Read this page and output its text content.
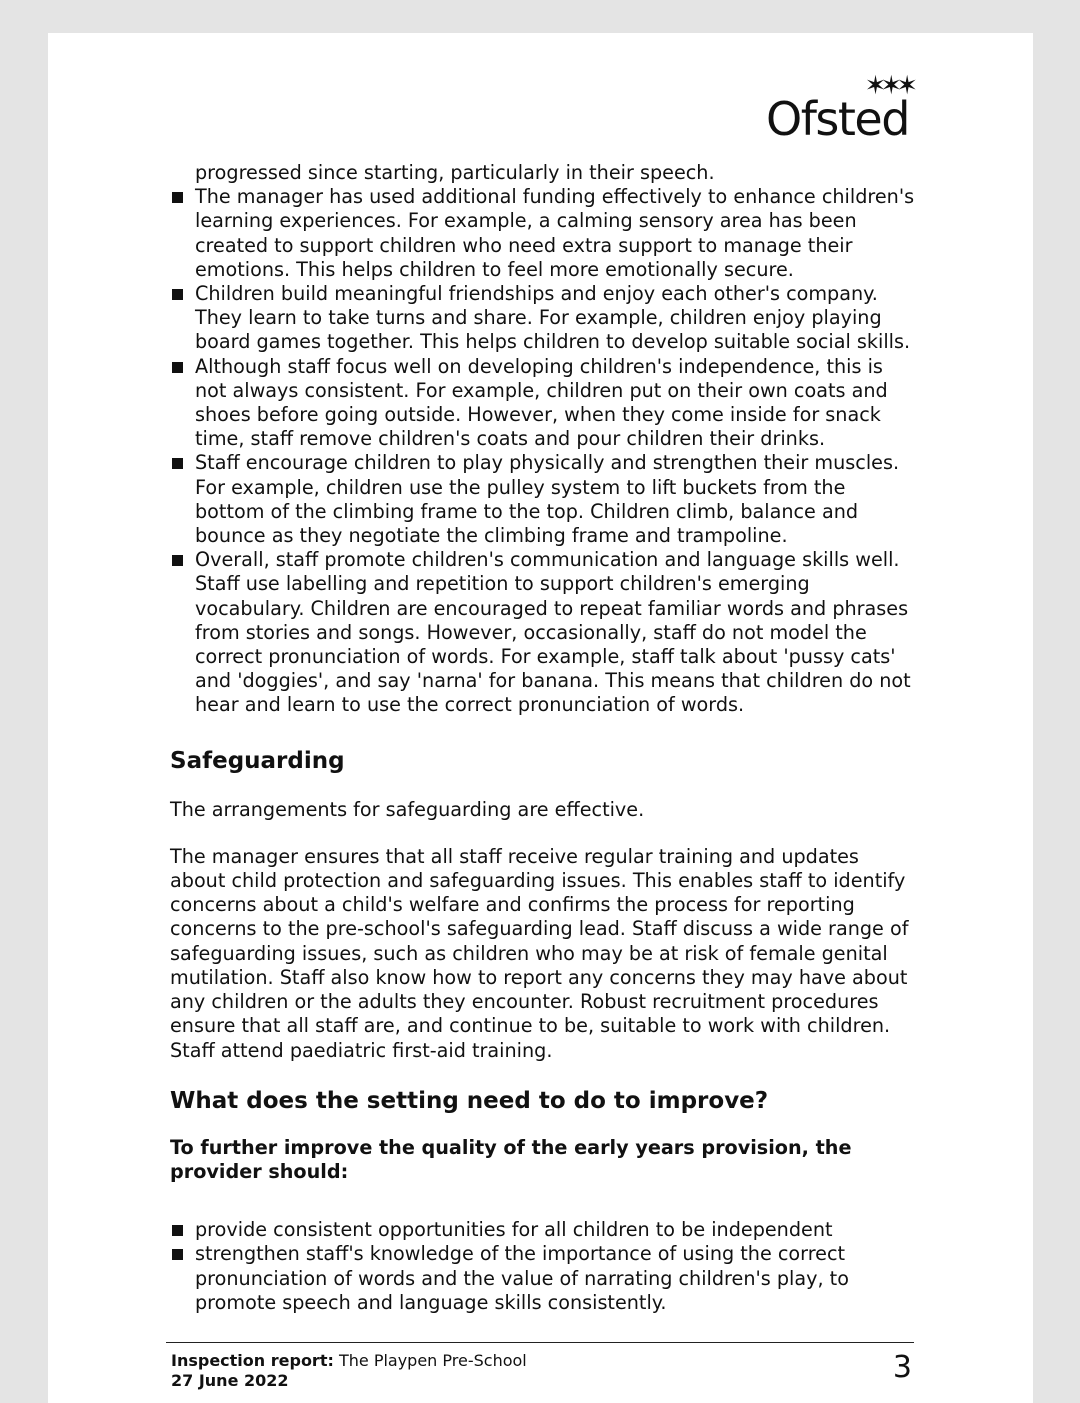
✶✶✶
Ofsted
progressed since starting, particularly in their speech.
The manager has used additional funding effectively to enhance children's learning experiences. For example, a calming sensory area has been created to support children who need extra support to manage their emotions. This helps children to feel more emotionally secure.
Children build meaningful friendships and enjoy each other's company. They learn to take turns and share. For example, children enjoy playing board games together. This helps children to develop suitable social skills.
Although staff focus well on developing children's independence, this is not always consistent. For example, children put on their own coats and shoes before going outside. However, when they come inside for snack time, staff remove children's coats and pour children their drinks.
Staff encourage children to play physically and strengthen their muscles. For example, children use the pulley system to lift buckets from the bottom of the climbing frame to the top. Children climb, balance and bounce as they negotiate the climbing frame and trampoline.
Overall, staff promote children's communication and language skills well. Staff use labelling and repetition to support children's emerging vocabulary. Children are encouraged to repeat familiar words and phrases from stories and songs. However, occasionally, staff do not model the correct pronunciation of words. For example, staff talk about 'pussy cats' and 'doggies', and say 'narna' for banana. This means that children do not hear and learn to use the correct pronunciation of words.
Safeguarding

The arrangements for safeguarding are effective.

The manager ensures that all staff receive regular training and updates about child protection and safeguarding issues. This enables staff to identify concerns about a child's welfare and confirms the process for reporting concerns to the pre-school's safeguarding lead. Staff discuss a wide range of safeguarding issues, such as children who may be at risk of female genital mutilation. Staff also know how to report any concerns they may have about any children or the adults they encounter. Robust recruitment procedures ensure that all staff are, and continue to be, suitable to work with children. Staff attend paediatric first-aid training.

What does the setting need to do to improve?

To further improve the quality of the early years provision, the provider should:

provide consistent opportunities for all children to be independent
strengthen staff's knowledge of the importance of using the correct pronunciation of words and the value of narrating children's play, to promote speech and language skills consistently.
Inspection report: The Playpen Pre-School
27 June 2022	3
